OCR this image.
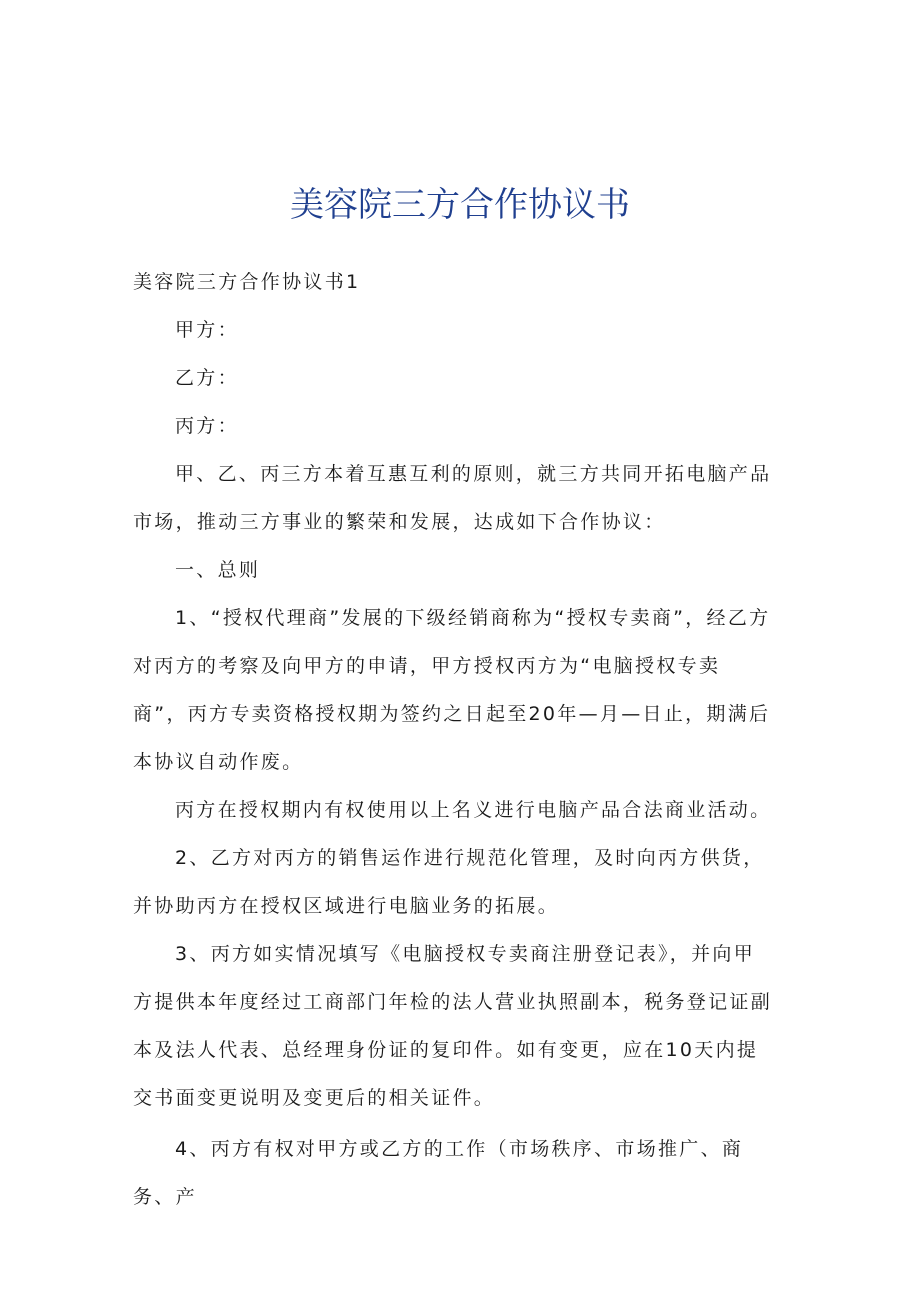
美容院三方合作协议书

美容院三方合作协议书1

甲方：

乙方：

丙方：

甲、乙、丙三方本着互惠互利的原则，就三方共同开拓电脑产品市场，推动三方事业的繁荣和发展，达成如下合作协议：

一、总则

1、“授权代理商”发展的下级经销商称为“授权专卖商”，经乙方对丙方的考察及向甲方的申请，甲方授权丙方为“电脑授权专卖商”，丙方专卖资格授权期为签约之日起至20年—月—日止，期满后本协议自动作废。

丙方在授权期内有权使用以上名义进行电脑产品合法商业活动。

2、乙方对丙方的销售运作进行规范化管理，及时向丙方供货，并协助丙方在授权区域进行电脑业务的拓展。

3、丙方如实情况填写《电脑授权专卖商注册登记表》，并向甲方提供本年度经过工商部门年检的法人营业执照副本，税务登记证副本及法人代表、总经理身份证的复印件。如有变更，应在10天内提交书面变更说明及变更后的相关证件。

4、丙方有权对甲方或乙方的工作（市场秩序、市场推广、商务、产
